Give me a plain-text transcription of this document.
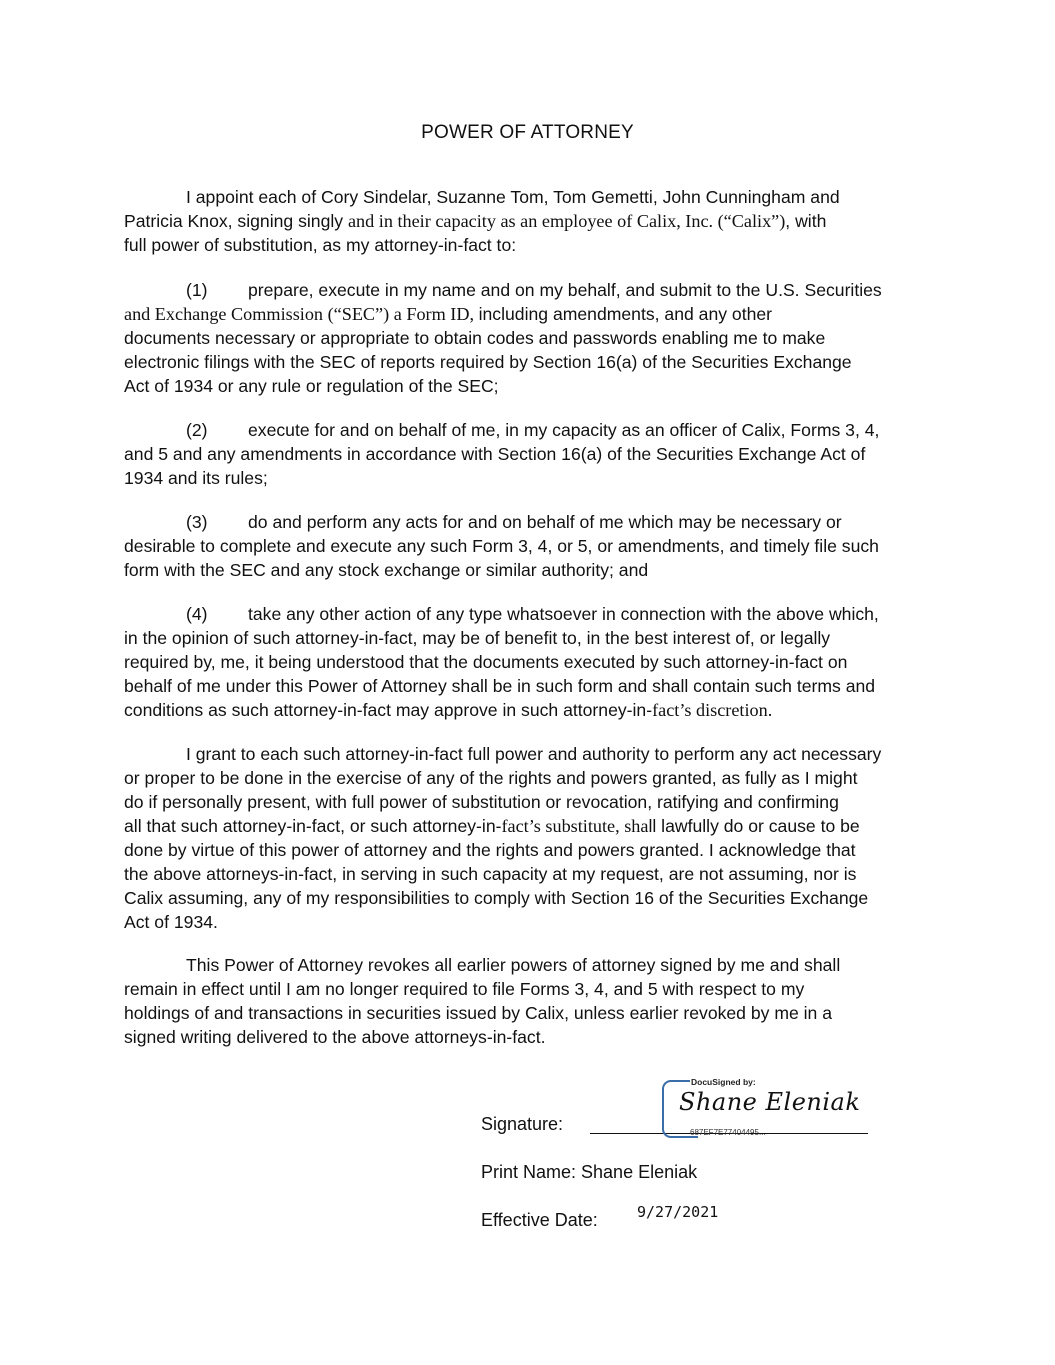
POWER OF ATTORNEY
I appoint each of Cory Sindelar, Suzanne Tom, Tom Gemetti, John Cunningham and
Patricia Knox, signing singly and in their capacity as an employee of Calix, Inc. (“Calix”), with
full power of substitution, as my attorney-in-fact to:
(1) prepare, execute in my name and on my behalf, and submit to the U.S. Securities
and Exchange Commission (“SEC”) a Form ID, including amendments, and any other
documents necessary or appropriate to obtain codes and passwords enabling me to make
electronic filings with the SEC of reports required by Section 16(a) of the Securities Exchange
Act of 1934 or any rule or regulation of the SEC;
(2) execute for and on behalf of me, in my capacity as an officer of Calix, Forms 3, 4,
and 5 and any amendments in accordance with Section 16(a) of the Securities Exchange Act of
1934 and its rules;
(3) do and perform any acts for and on behalf of me which may be necessary or
desirable to complete and execute any such Form 3, 4, or 5, or amendments, and timely file such
form with the SEC and any stock exchange or similar authority; and
(4) take any other action of any type whatsoever in connection with the above which,
in the opinion of such attorney-in-fact, may be of benefit to, in the best interest of, or legally
required by, me, it being understood that the documents executed by such attorney-in-fact on
behalf of me under this Power of Attorney shall be in such form and shall contain such terms and
conditions as such attorney-in-fact may approve in such attorney-in-fact’s discretion.
I grant to each such attorney-in-fact full power and authority to perform any act necessary
or proper to be done in the exercise of any of the rights and powers granted, as fully as I might
do if personally present, with full power of substitution or revocation, ratifying and confirming
all that such attorney-in-fact, or such attorney-in-fact’s substitute, shall lawfully do or cause to be
done by virtue of this power of attorney and the rights and powers granted. I acknowledge that
the above attorneys-in-fact, in serving in such capacity at my request, are not assuming, nor is
Calix assuming, any of my responsibilities to comply with Section 16 of the Securities Exchange
Act of 1934.
This Power of Attorney revokes all earlier powers of attorney signed by me and shall
remain in effect until I am no longer required to file Forms 3, 4, and 5 with respect to my
holdings of and transactions in securities issued by Calix, unless earlier revoked by me in a
signed writing delivered to the above attorneys-in-fact.
Signature:
DocuSigned by:
Shane Eleniak
687EF7E77404495...
Print Name: Shane Eleniak
Effective Date:	9/27/2021
